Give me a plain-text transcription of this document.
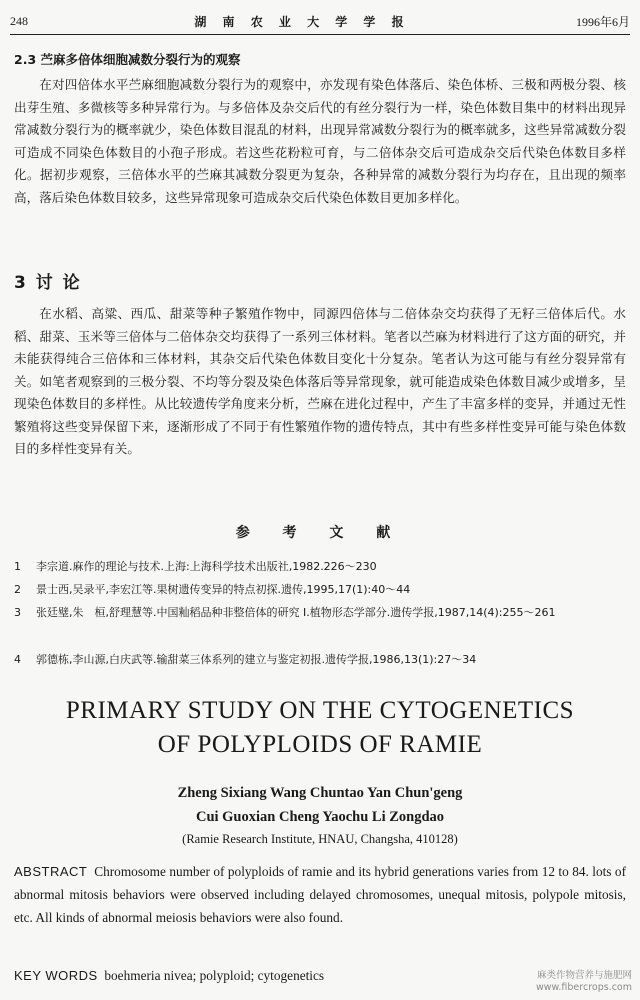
248	湖 南 农 业 大 学 学 报	1996年6月
2.3 苎麻多倍体细胞减数分裂行为的观察

在对四倍体水平苎麻细胞减数分裂行为的观察中，亦发现有染色体落后、染色体桥、三极和两极分裂、核出芽生殖、多微核等多种异常行为。与多倍体及杂交后代的有丝分裂行为一样，染色体数目集中的材料出现异常减数分裂行为的概率就少，染色体数目混乱的材料，出现异常减数分裂行为的概率就多，这些异常减数分裂可造成不同染色体数目的小孢子形成。若这些花粉粒可育，与二倍体杂交后可造成杂交后代染色体数目多样化。据初步观察，三倍体水平的苎麻其减数分裂更为复杂，各种异常的减数分裂行为均存在，且出现的频率高，落后染色体数目较多，这些异常现象可造成杂交后代染色体数目更加多样化。

3 讨 论

在水稻、高粱、西瓜、甜菜等种子繁殖作物中，同源四倍体与二倍体杂交均获得了无籽三倍体后代。水稻、甜菜、玉米等三倍体与二倍体杂交均获得了一系列三体材料。笔者以苎麻为材料进行了这方面的研究，并未能获得纯合三倍体和三体材料，其杂交后代染色体数目变化十分复杂。笔者认为这可能与有丝分裂异常有关。如笔者观察到的三极分裂、不均等分裂及染色体落后等异常现象，就可能造成染色体数目减少或增多，呈现染色体数目的多样性。从比较遗传学角度来分析，苎麻在进化过程中，产生了丰富多样的变异，并通过无性繁殖将这些变异保留下来，逐渐形成了不同于有性繁殖作物的遗传特点，其中有些多样性变异可能与染色体数目的多样性变异有关。

参 考 文 献
1 李宗道.麻作的理论与技术.上海:上海科学技术出版社,1982.226～230
2 景士西,吴录平,李宏江等.果树遗传变异的特点初探.遗传,1995,17(1):40～44
3 张廷璧,朱　桓,舒理慧等.中国籼稻品种非整倍体的研究 Ⅰ.植物形态学部分.遗传学报,1987,14(4):255～261
4 郭德栋,李山源,白庆武等.输甜菜三体系列的建立与鉴定初报.遗传学报,1986,13(1):27～34
PRIMARY STUDY ON THE CYTOGENETICS
OF POLYPLOIDS OF RAMIE
Zheng Sixiang Wang Chuntao Yan Chun'geng
Cui Guoxian Cheng Yaochu Li Zongdao
(Ramie Research Institute, HNAU, Changsha, 410128)

ABSTRACT Chromosome number of polyploids of ramie and its hybrid generations varies from 12 to 84. lots of abnormal mitosis behaviors were observed including delayed chromosomes, unequal mitosis, polypole mitosis, etc. All kinds of abnormal meiosis behaviors were also found.

KEY WORDS boehmeria nivea; polyploid; cytogenetics	麻类作物营养与施肥网
www.fibercrops.com
